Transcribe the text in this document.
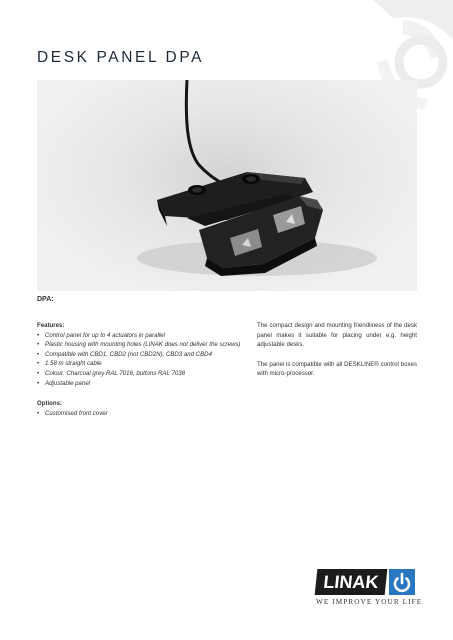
DESK PANEL DPA
DPA:
Features:
• Control panel for up to 4 actuators in parallel
• Plastic housing with mounting holes (LINAK does not deliver the screws)
• Compatible with CBD1, CBD2 (not CBD2N), CBD3 and CBD4
• 1.58 m straight cable
• Colour: Charcoal grey RAL 7016, buttons RAL 7038
• Adjustable panel
Options:
• Customised front cover

The compact design and mounting friendliness of the desk panel makes it suitable for placing under e.g. height adjustable desks.

The panel is compatible with all DESKLINE® control boxes with micro-processor.

LINAK
WE IMPROVE YOUR LIFE
